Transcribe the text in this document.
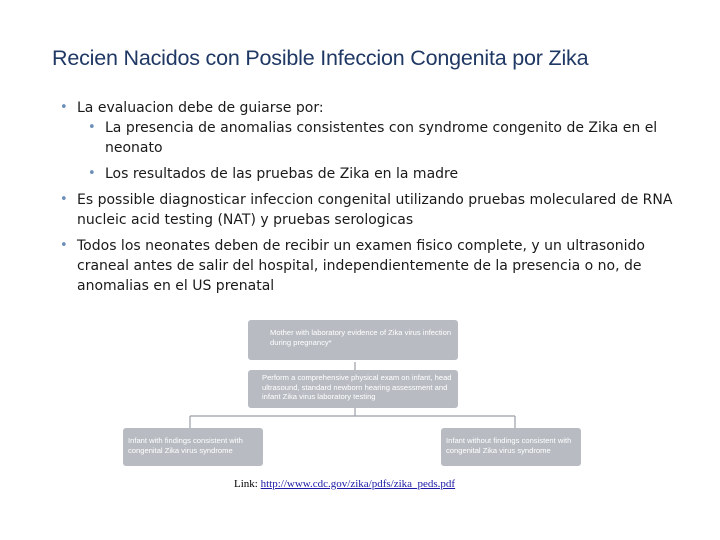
Recien Nacidos con Posible Infeccion Congenita por Zika

• La evaluacion debe de guiarse por:

• La presencia de anomalias consistentes con syndrome congenito de Zika en el neonato

• Los resultados de las pruebas de Zika en la madre

• Es possible diagnosticar infeccion congenital utilizando pruebas moleculared de RNA nucleic acid testing (NAT) y pruebas serologicas

• Todos los neonates deben de recibir un examen fisico complete, y un ultrasonido craneal antes de salir del hospital, independientemente de la presencia o no, de anomalias en el US prenatal

Mother with laboratory evidence of Zika virus infection during pregnancy*
Perform a comprehensive physical exam on infant, head ultrasound, standard newborn hearing assessment and infant Zika virus laboratory testing
Infant with findings consistent with congenital Zika virus syndrome
Infant without findings consistent with congenital Zika virus syndrome
Link: http://www.cdc.gov/zika/pdfs/zika_peds.pdf
